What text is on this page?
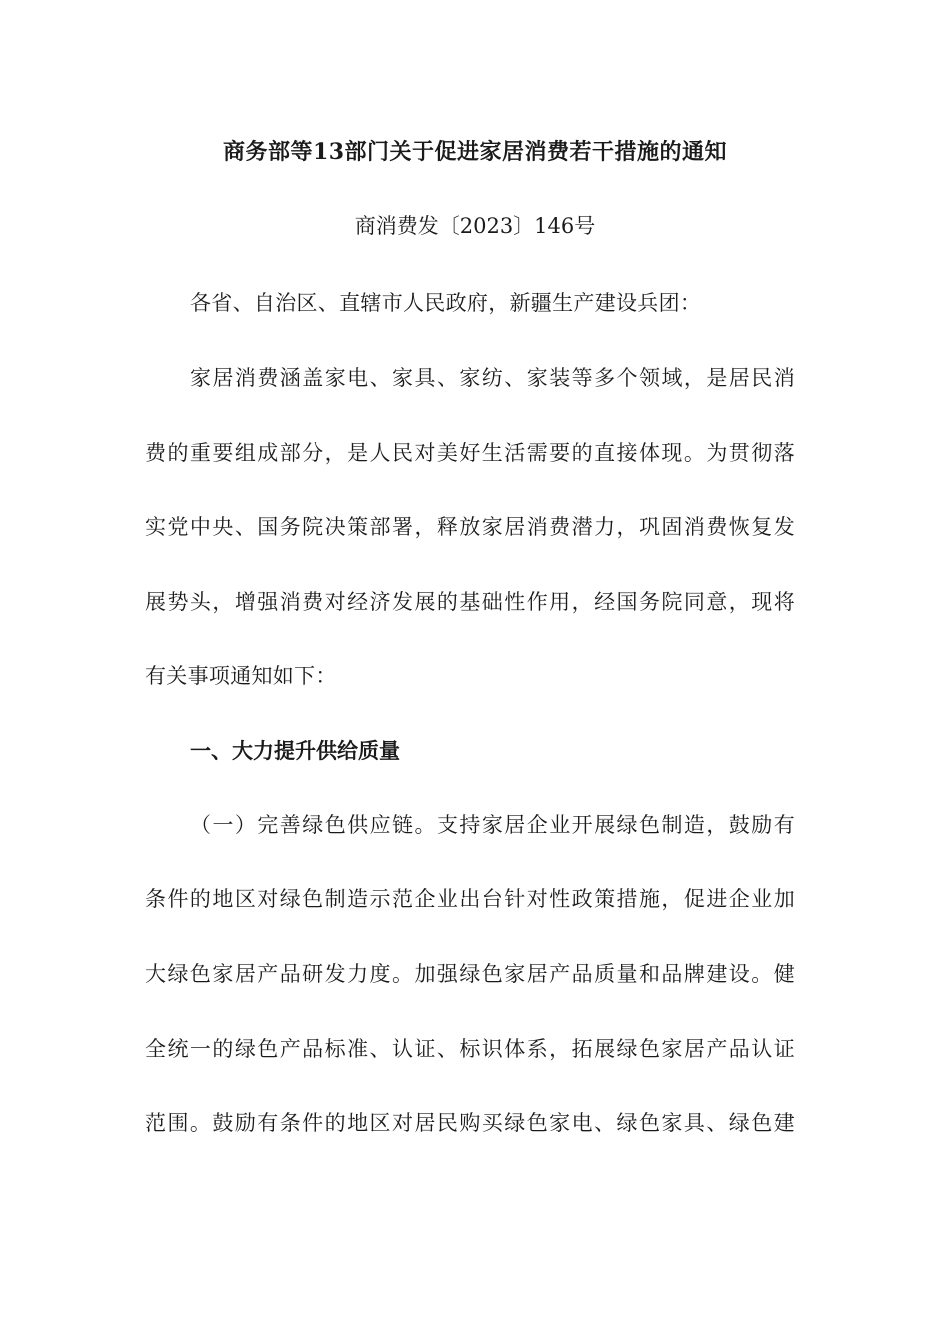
商务部等13部门关于促进家居消费若干措施的通知
商消费发〔2023〕146号
各省、自治区、直辖市人民政府，新疆生产建设兵团：
家居消费涵盖家电、家具、家纺、家装等多个领域，是居民消
费的重要组成部分，是人民对美好生活需要的直接体现。为贯彻落
实党中央、国务院决策部署，释放家居消费潜力，巩固消费恢复发
展势头，增强消费对经济发展的基础性作用，经国务院同意，现将
有关事项通知如下：
一、大力提升供给质量
（一）完善绿色供应链。支持家居企业开展绿色制造，鼓励有
条件的地区对绿色制造示范企业出台针对性政策措施，促进企业加
大绿色家居产品研发力度。加强绿色家居产品质量和品牌建设。健
全统一的绿色产品标准、认证、标识体系，拓展绿色家居产品认证
范围。鼓励有条件的地区对居民购买绿色家电、绿色家具、绿色建
